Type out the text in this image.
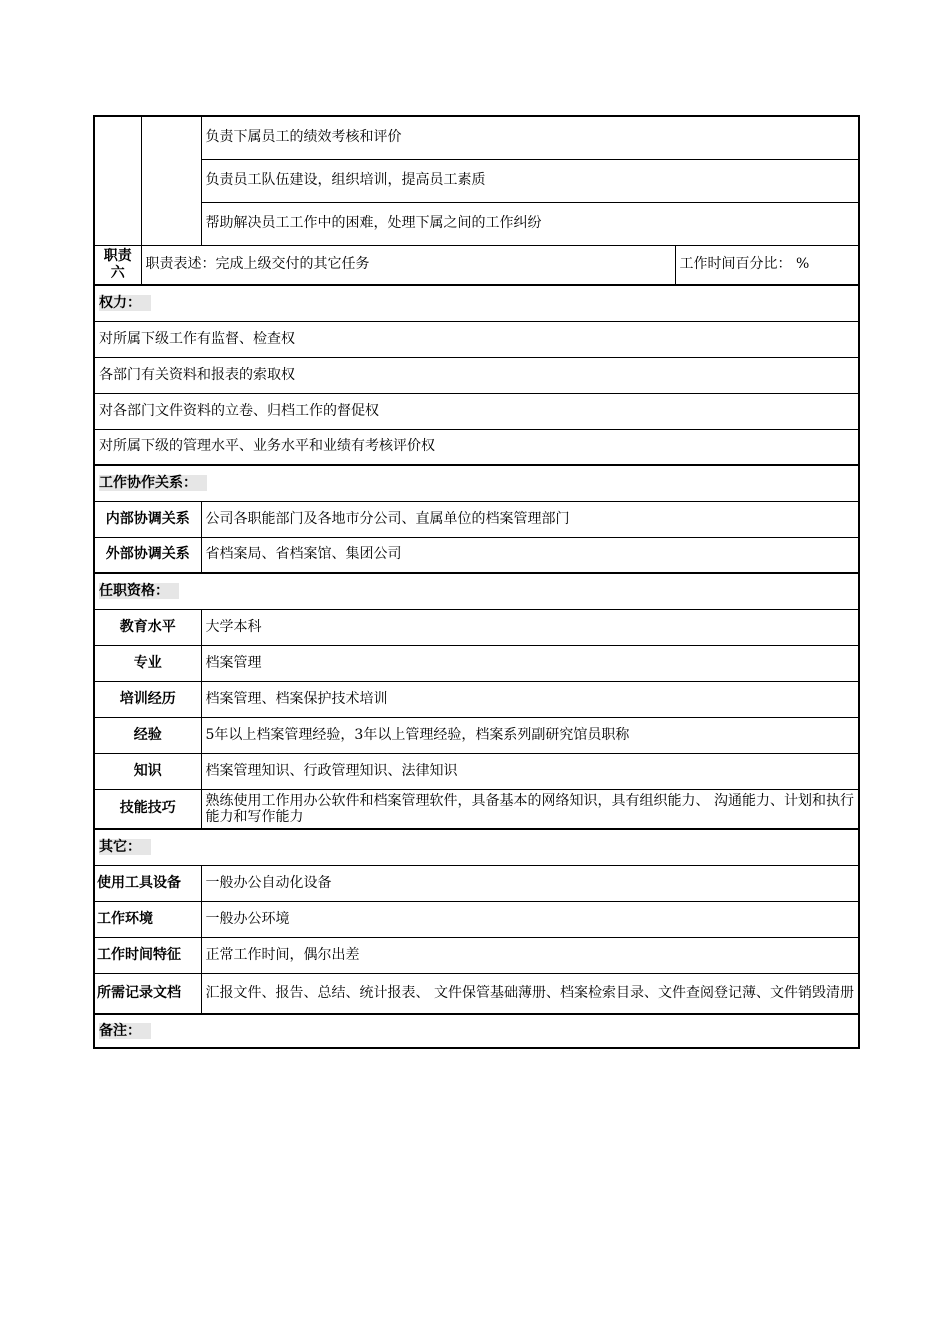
		负责下属员工的绩效考核和评价	
		负责员工队伍建设，组织培训，提高员工素质	
		帮助解决员工工作中的困难，处理下属之间的工作纠纷	
职责六	职责表述：完成上级交付的其它任务		工作时间百分比： %
权力：			
对所属下级工作有监督、检查权			
各部门有关资料和报表的索取权			
对各部门文件资料的立卷、归档工作的督促权			
对所属下级的管理水平、业务水平和业绩有考核评价权			
工作协作关系：			
内部协调关系		公司各职能部门及各地市分公司、直属单位的档案管理部门	
外部协调关系		省档案局、省档案馆、集团公司	
任职资格：			
教育水平		大学本科	
专业		档案管理	
培训经历		档案管理、档案保护技术培训	
经验		5年以上档案管理经验，3年以上管理经验，档案系列副研究馆员职称	
知识		档案管理知识、行政管理知识、法律知识	
技能技巧		熟练使用工作用办公软件和档案管理软件，具备基本的网络知识，具有组织能力、 沟通能力、计划和执行能力和写作能力	
其它：			
使用工具设备		一般办公自动化设备	
工作环境		一般办公环境	
工作时间特征		正常工作时间，偶尔出差	
所需记录文档		汇报文件、报告、总结、统计报表、 文件保管基础薄册、档案检索目录、文件查阅登记薄、文件销毁清册	
备注：			
